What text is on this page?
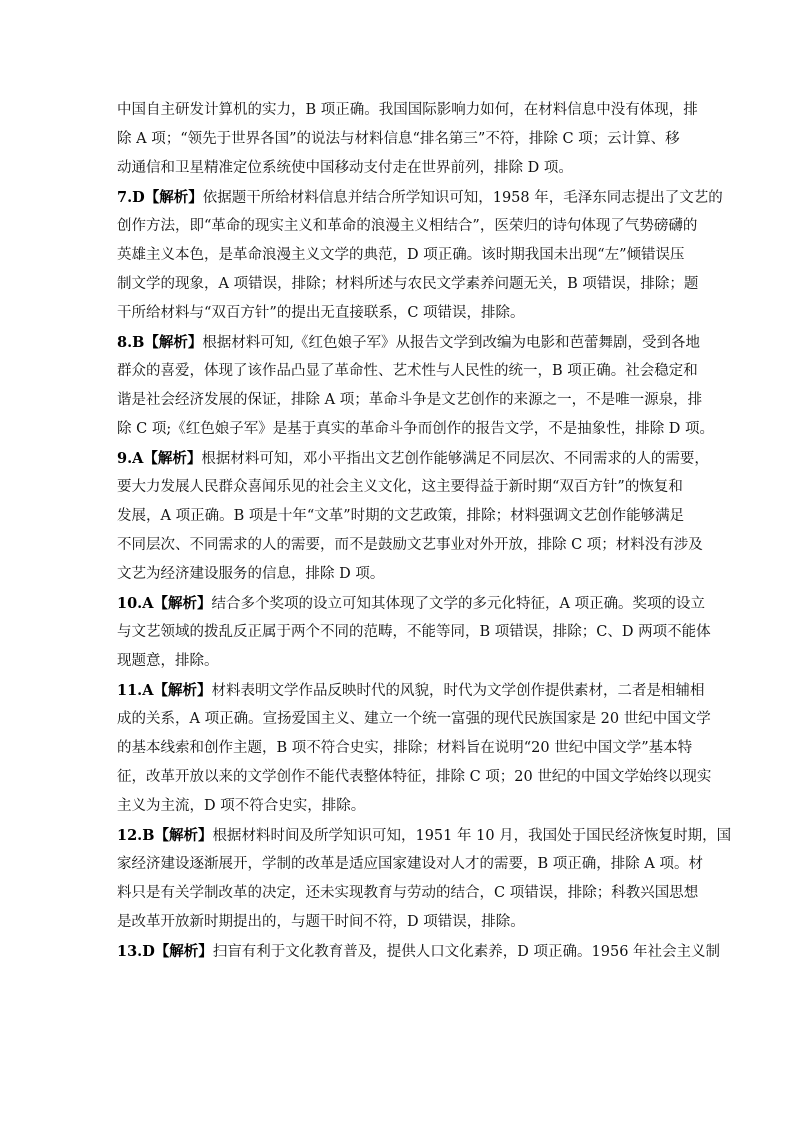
中国自主研发计算机的实力，B 项正确。我国国际影响力如何，在材料信息中没有体现，排
除 A 项；“领先于世界各国”的说法与材料信息“排名第三”不符，排除 C 项；云计算、移
动通信和卫星精准定位系统使中国移动支付走在世界前列，排除 D 项。
7.D【解析】依据题干所给材料信息并结合所学知识可知，1958 年，毛泽东同志提出了文艺的
创作方法，即“革命的现实主义和革命的浪漫主义相结合”，医荣归的诗句体现了气势磅礴的
英雄主义本色，是革命浪漫主义文学的典范，D 项正确。该时期我国未出现“左”倾错误压
制文学的现象，A 项错误，排除；材料所述与农民文学素养问题无关，B 项错误，排除；题
干所给材料与“双百方针”的提出无直接联系，C 项错误，排除。
8.B【解析】根据材料可知,《红色娘子军》从报告文学到改编为电影和芭蕾舞剧，受到各地
群众的喜爱，体现了该作品凸显了革命性、艺术性与人民性的统一，B 项正确。社会稳定和
谐是社会经济发展的保证，排除 A 项；革命斗争是文艺创作的来源之一，不是唯一源泉，排
除 C 项;《红色娘子军》是基于真实的革命斗争而创作的报告文学，不是抽象性，排除 D 项。
9.A【解析】根据材料可知，邓小平指出文艺创作能够满足不同层次、不同需求的人的需要，
要大力发展人民群众喜闻乐见的社会主义文化，这主要得益于新时期“双百方针”的恢复和
发展，A 项正确。B 项是十年“文革”时期的文艺政策，排除；材料强调文艺创作能够满足
不同层次、不同需求的人的需要，而不是鼓励文艺事业对外开放，排除 C 项；材料没有涉及
文艺为经济建设服务的信息，排除 D 项。
10.A【解析】结合多个奖项的设立可知其体现了文学的多元化特征，A 项正确。奖项的设立
与文艺领域的拨乱反正属于两个不同的范畴，不能等同，B 项错误，排除；C、D 两项不能体
现题意，排除。
11.A【解析】材料表明文学作品反映时代的风貌，时代为文学创作提供素材，二者是相辅相
成的关系，A 项正确。宣扬爱国主义、建立一个统一富强的现代民族国家是 20 世纪中国文学
的基本线索和创作主题，B 项不符合史实，排除；材料旨在说明“20 世纪中国文学”基本特
征，改革开放以来的文学创作不能代表整体特征，排除 C 项；20 世纪的中国文学始终以现实
主义为主流，D 项不符合史实，排除。
12.B【解析】根据材料时间及所学知识可知，1951 年 10 月，我国处于国民经济恢复时期，国
家经济建设逐渐展开，学制的改革是适应国家建设对人才的需要，B 项正确，排除 A 项。材
料只是有关学制改革的决定，还未实现教育与劳动的结合，C 项错误，排除；科教兴国思想
是改革开放新时期提出的，与题干时间不符，D 项错误，排除。
13.D【解析】扫盲有利于文化教育普及，提供人口文化素养，D 项正确。1956 年社会主义制
